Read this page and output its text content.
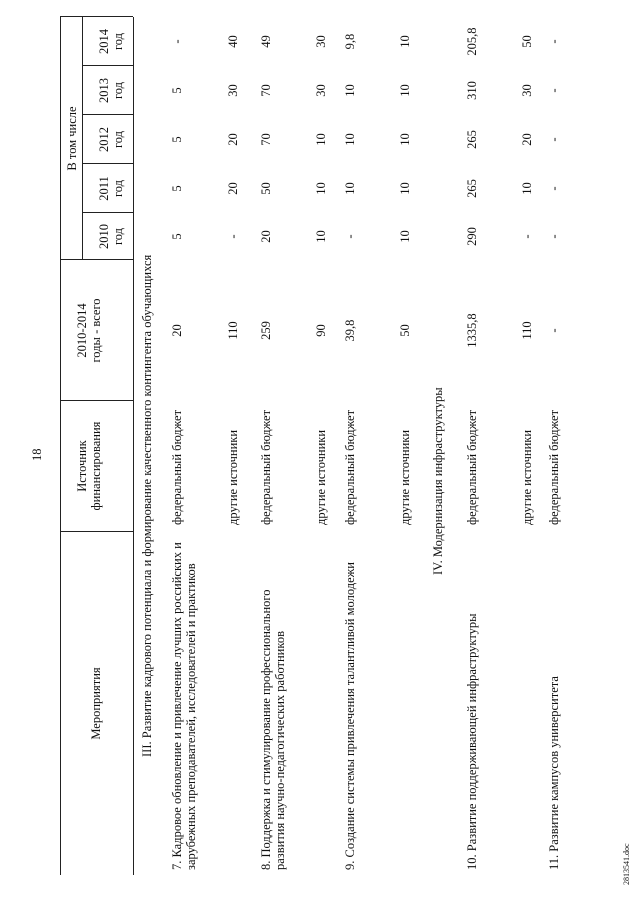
18
Мероприятия
Источник финансирования
2010-2014 годы - всего
В том числе
2010 год
2011 год
2012 год
2013 год
2014 год
III. Развитие кадрового потенциала и формирование качественного контингента обучающихся	IV. Модернизация инфраструктуры
7. Кадровое обновление и привлечение лучших российских и зарубежных преподавателей, исследователей и практиков
федеральный бюджет
20
5
5
5
5
-
другие источники
110
-
20
20
30
40
8. Поддержка и стимулирование профессионального развития научно-педагогических работников
федеральный бюджет
259
20
50
70
70
49
другие источники
90
10
10
10
30
30
9. Создание системы привлечения талантливой молодежи
федеральный бюджет
39,8
-
10
10
10
9,8
другие источники
50
10
10
10
10
10
10. Развитие поддерживающей инфраструктуры
федеральный бюджет
1335,8
290
265
265
310
205,8
другие источники
110
-
10
20
30
50
11. Развитие кампусов университета
федеральный бюджет
-
-
-
-
-
-
2813541.doc
